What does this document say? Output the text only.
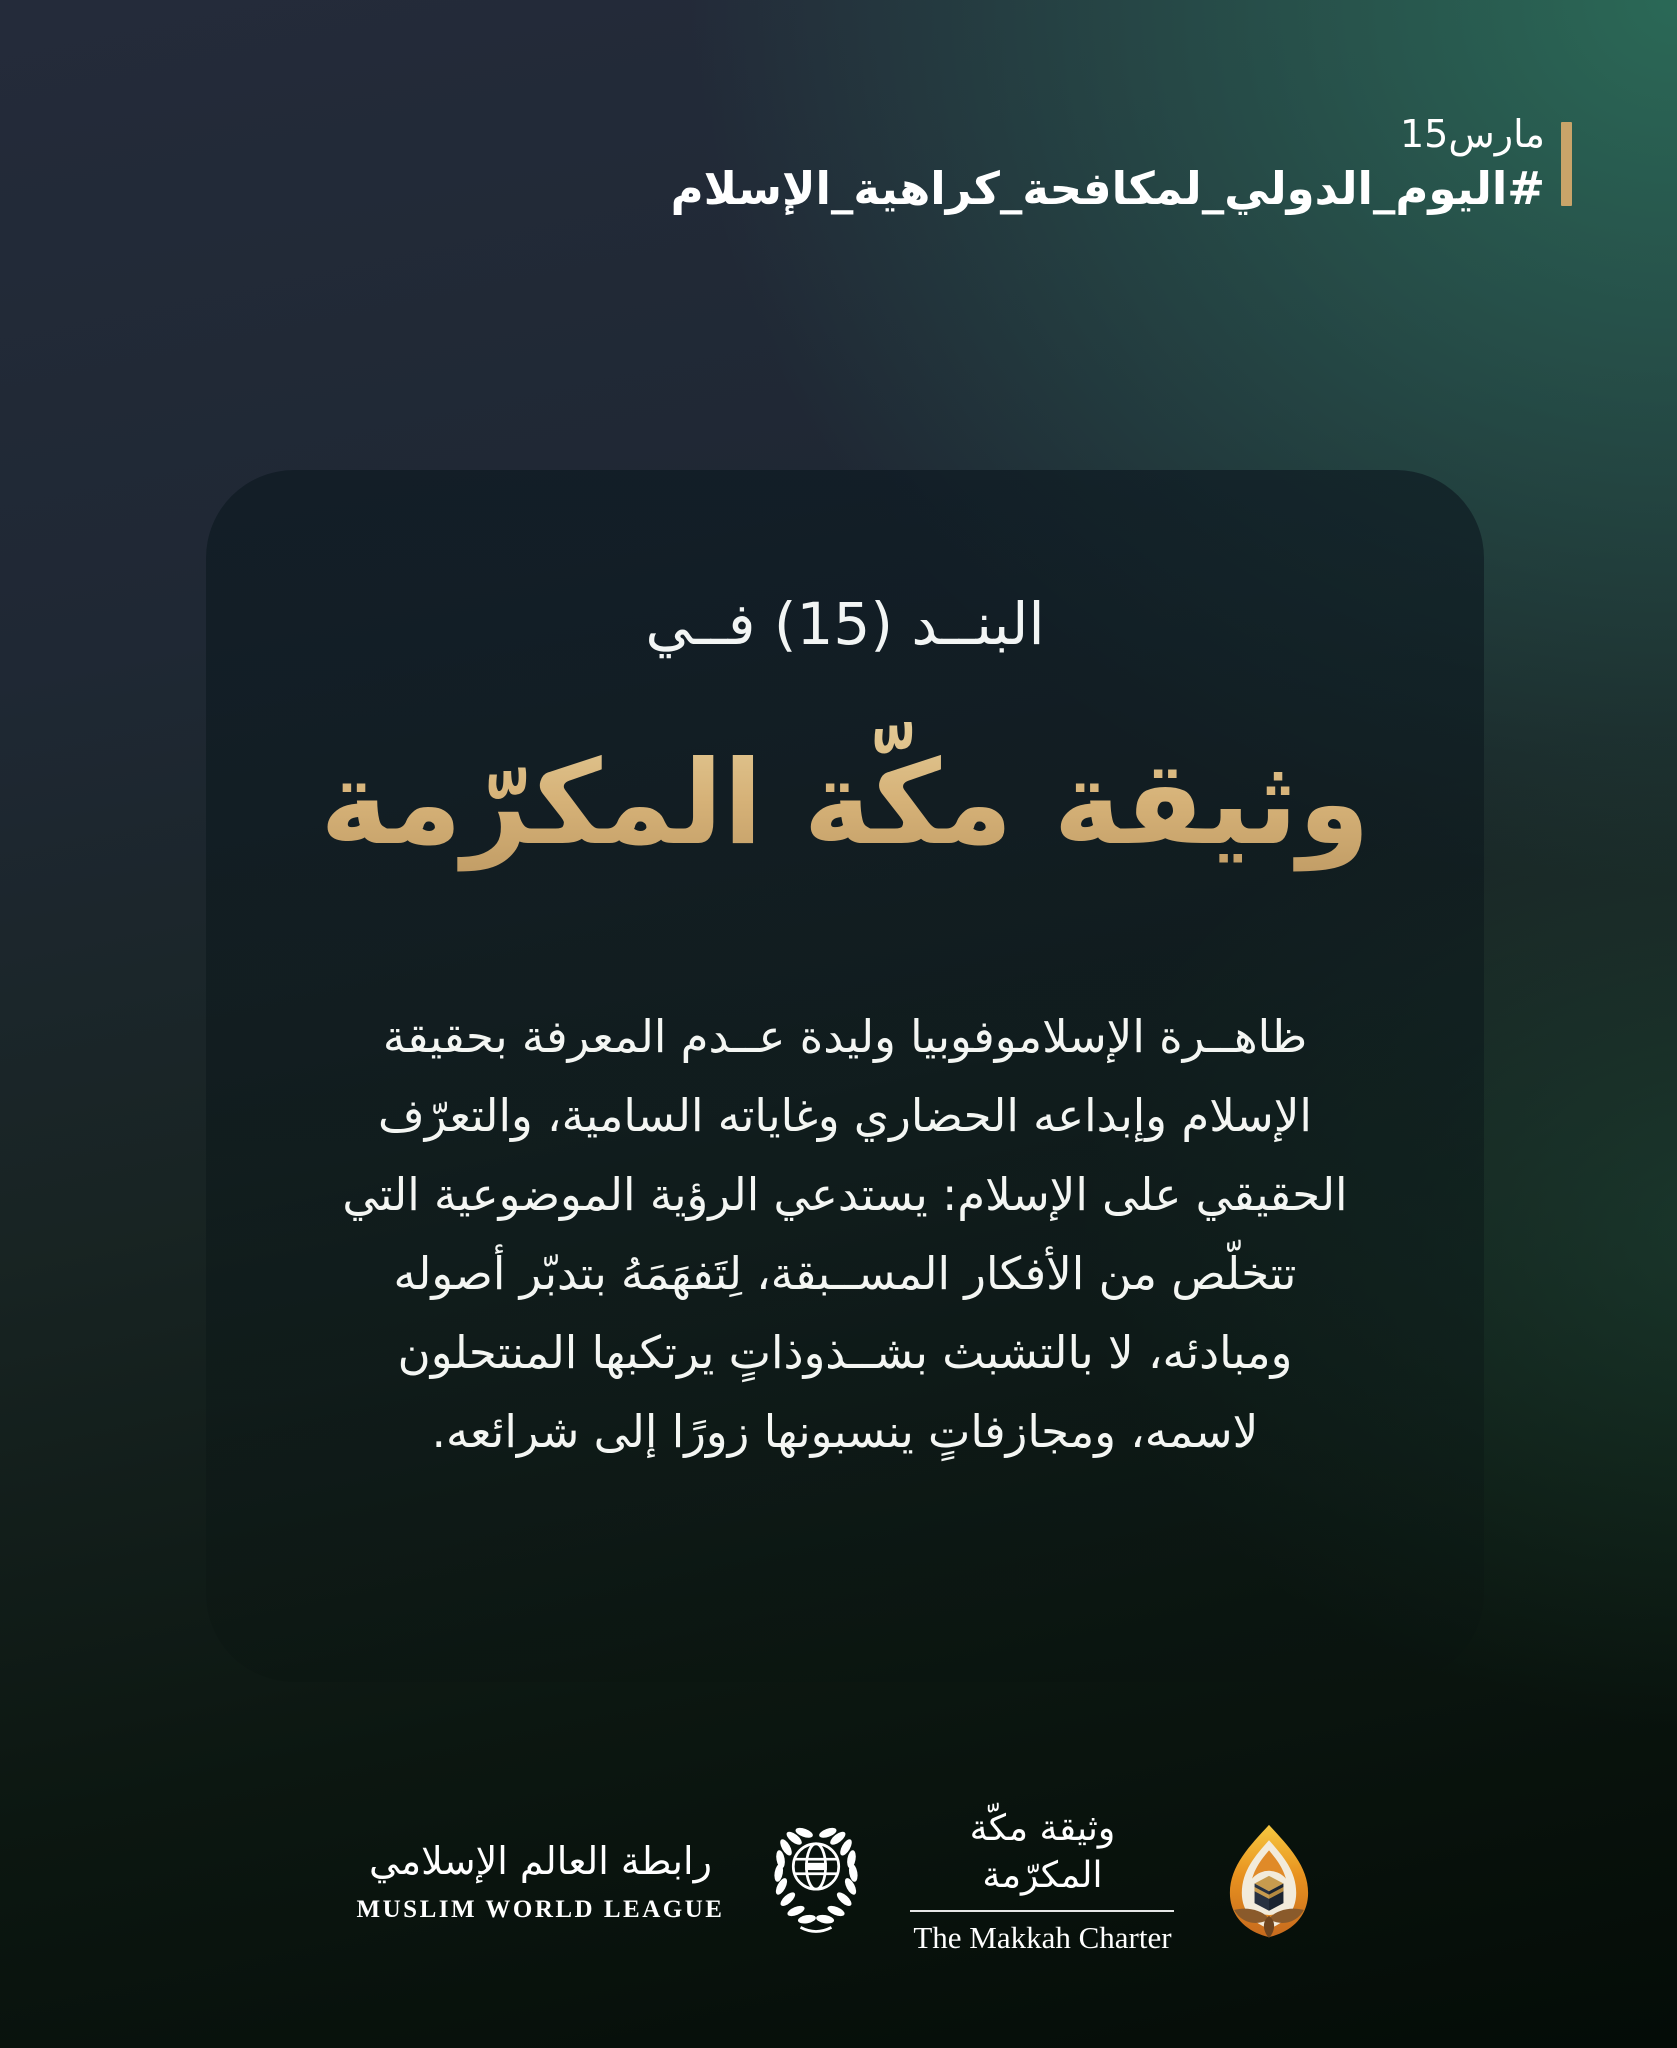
15مارس
#اليوم_الدولي_لمكافحة_كراهية_الإسلام
البنــد (15) فــي
وثيقة مكّة المكرّمة
ظاهــرة الإسلاموفوبيا وليدة عــدم المعرفة بحقيقة
الإسلام وإبداعه الحضاري وغاياته السامية، والتعرّف
الحقيقي على الإسلام: يستدعي الرؤية الموضوعية التي
تتخلّص من الأفكار المســبقة، لِتَفهَمَهُ بتدبّر أصوله
ومبادئه، لا بالتشبث بشــذوذاتٍ يرتكبها المنتحلون
لاسمه، ومجازفاتٍ ينسبونها زورًا إلى شرائعه.
رابطة العالم الإسلامي
MUSLIM WORLD LEAGUE
وثيقة مكّة المكرّمة
The Makkah Charter
